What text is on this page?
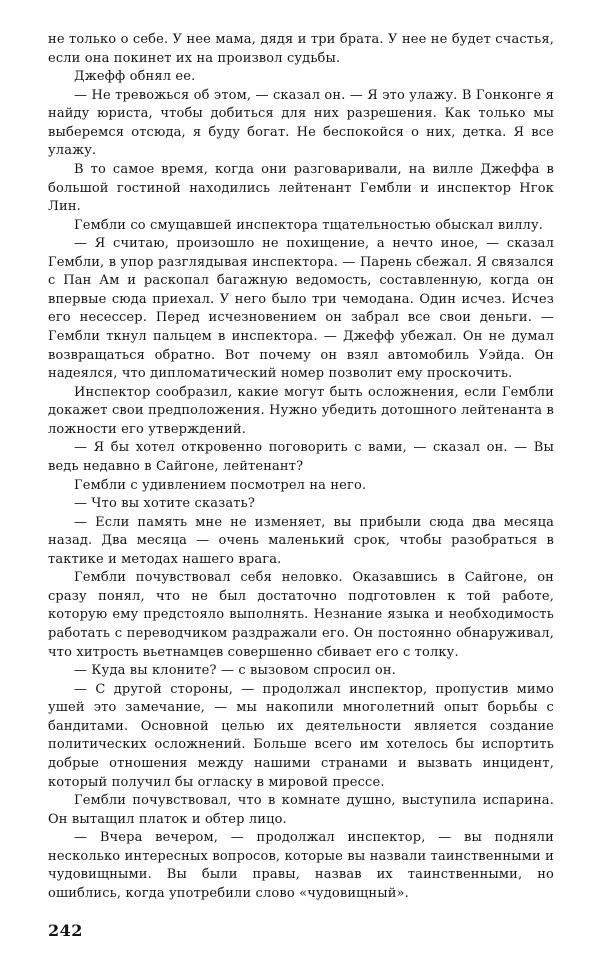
не только о себе. У нее мама, дядя и три брата. У нее не будет счастья, если она покинет их на произвол судьбы.

Джефф обнял ее.

— Не тревожься об этом, — сказал он. — Я это улажу. В Гонконге я найду юриста, чтобы добиться для них разрешения. Как только мы выберемся отсюда, я буду богат. Не беспокойся о них, детка. Я все улажу.

В то самое время, когда они разговаривали, на вилле Джеффа в большой гостиной находились лейтенант Гембли и инспектор Нгок Лин.

Гембли со смущавшей инспектора тщательностью обыскал виллу.

— Я считаю, произошло не похищение, а нечто иное, — сказал Гембли, в упор разглядывая инспектора. — Парень сбежал. Я связался с Пан Ам и раскопал багажную ведомость, составленную, когда он впервые сюда приехал. У него было три чемодана. Один исчез. Исчез его несессер. Перед исчезновением он забрал все свои деньги. — Гембли ткнул пальцем в инспектора. — Джефф убежал. Он не думал возвращаться обратно. Вот почему он взял автомобиль Уэйда. Он надеялся, что дипломатический номер позволит ему проскочить.

Инспектор сообразил, какие могут быть осложнения, если Гембли докажет свои предположения. Нужно убедить дотошного лейтенанта в ложности его утверждений.

— Я бы хотел откровенно поговорить с вами, — сказал он. — Вы ведь недавно в Сайгоне, лейтенант?

Гембли с удивлением посмотрел на него.

— Что вы хотите сказать?

— Если память мне не изменяет, вы прибыли сюда два месяца назад. Два месяца — очень маленький срок, чтобы разобраться в тактике и методах нашего врага.

Гембли почувствовал себя неловко. Оказавшись в Сайгоне, он сразу понял, что не был достаточно подготовлен к той работе, которую ему предстояло выполнять. Незнание языка и необходимость работать с переводчиком раздражали его. Он постоянно обнаруживал, что хитрость вьетнамцев совершенно сбивает его с толку.

— Куда вы клоните? — с вызовом спросил он.

— С другой стороны, — продолжал инспектор, пропустив мимо ушей это замечание, — мы накопили многолетний опыт борьбы с бандитами. Основной целью их деятельности является создание политических осложнений. Больше всего им хотелось бы испортить добрые отношения между нашими странами и вызвать инцидент, который получил бы огласку в мировой прессе.

Гембли почувствовал, что в комнате душно, выступила испарина. Он вытащил платок и обтер лицо.

— Вчера вечером, — продолжал инспектор, — вы подняли несколько интересных вопросов, которые вы назвали таинственными и чудовищными. Вы были правы, назвав их таинственными, но ошиблись, когда употребили слово «чудовищный».

242
